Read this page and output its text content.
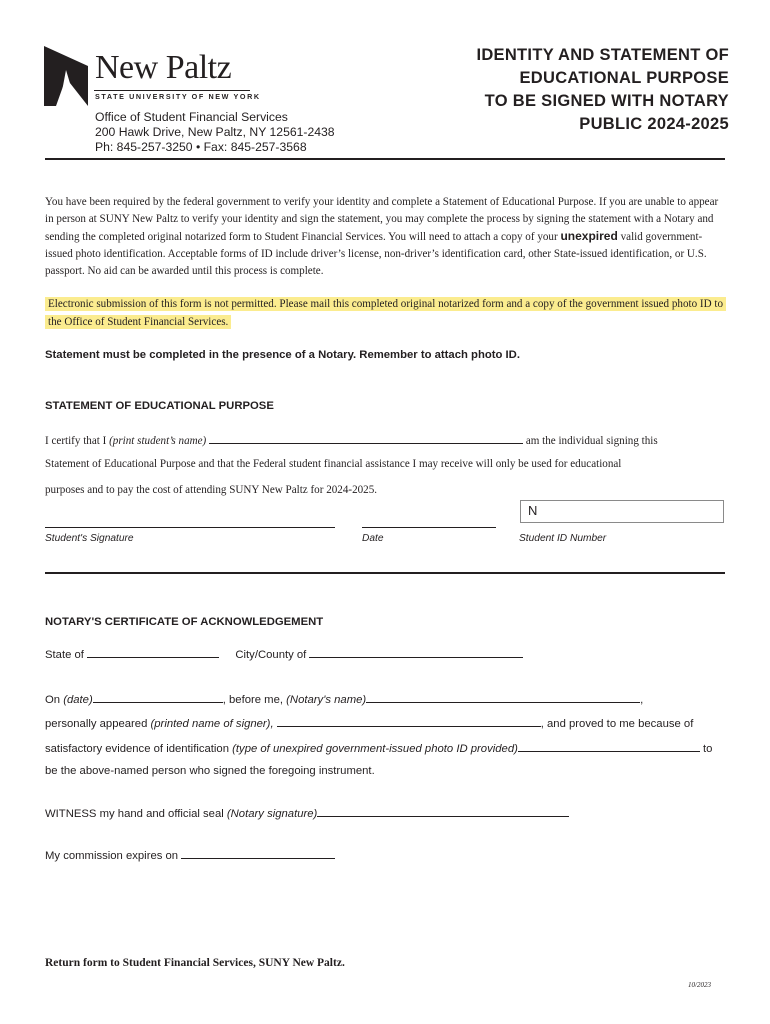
New Paltz
STATE UNIVERSITY OF NEW YORK
Office of Student Financial Services
200 Hawk Drive, New Paltz, NY 12561-2438
Ph: 845-257-3250 • Fax: 845-257-3568
IDENTITY AND STATEMENT OF
EDUCATIONAL PURPOSE
TO BE SIGNED WITH NOTARY
PUBLIC 2024-2025
You have been required by the federal government to verify your identity and complete a Statement of Educational Purpose. If you are unable to appear in person at SUNY New Paltz to verify your identity and sign the statement, you may complete the process by signing the statement with a Notary and sending the completed original notarized form to Student Financial Services. You will need to attach a copy of your unexpired valid government-issued photo identification. Acceptable forms of ID include driver’s license, non-driver’s identification card, other State-issued identification, or U.S. passport. No aid can be awarded until this process is complete.
Electronic submission of this form is not permitted. Please mail this completed original notarized form and a copy of the government issued photo ID to the Office of Student Financial Services.
Statement must be completed in the presence of a Notary. Remember to attach photo ID.
STATEMENT OF EDUCATIONAL PURPOSE
I certify that I (print student’s name)	am the individual signing this
Statement of Educational Purpose and that the Federal student financial assistance I may receive will only be used for educational
purposes and to pay the cost of attending SUNY New Paltz for 2024-2025.
N
Student's Signature	Date	Student ID Number
NOTARY'S CERTIFICATE OF ACKNOWLEDGEMENT
State of	City/County of
On (date)	, before me, (Notary's name)	,
personally appeared (printed name of signer),	, and proved to me because of
satisfactory evidence of identification (type of unexpired government-issued photo ID provided)	to
be the above-named person who signed the foregoing instrument.
WITNESS my hand and official seal (Notary signature)
My commission expires on
Return form to Student Financial Services, SUNY New Paltz.
10/2023
